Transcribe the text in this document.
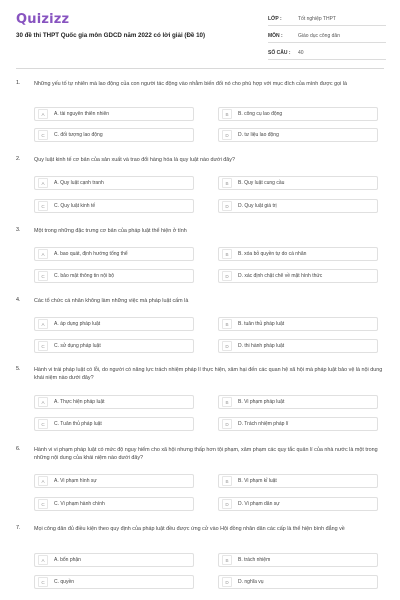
Quizizz
30 đề thi THPT Quốc gia môn GDCD năm 2022 có lời giải (Đề 10)
LỚP :	Tốt nghiệp THPT
MÔN :	Giáo dục công dân
SỐ CÂU :	40
1.	Những yếu tố tự nhiên mà lao động của con người tác động vào nhằm biến đổi nó cho phù hợp với mục đích của mình được gọi là
A	A. tài nguyên thiên nhiên	B	B. công cụ lao động
C	C. đối tượng lao động	D	D. tư liệu lao động
2.	Quy luật kinh tế cơ bản của sản xuất và trao đổi hàng hóa là quy luật nào dưới đây?
A	A. Quy luật cạnh tranh	B	B. Quy luật cung cầu
C	C. Quy luật kinh tế	D	D. Quy luật giá trị
3.	Một trong những đặc trưng cơ bản của pháp luật thể hiện ở tính
A	A. bao quát, định hướng tổng thể	B	B. xóa bỏ quyền tự do cá nhân
C	C. bảo mật thông tin nội bộ	D	D. xác định chặt chẽ về mặt hình thức
4.	Các tổ chức cá nhân không làm những việc mà pháp luật cấm là
A	A. áp dụng pháp luật	B	B. tuân thủ pháp luật
C	C. sử dụng pháp luật	D	D. thi hành pháp luật
5.	Hành vi trái pháp luật có lỗi, do người có năng lực trách nhiệm pháp lí thực hiện, xâm hại đến các quan hệ xã hội mà pháp luật bảo vệ là nội dung khái niệm nào dưới đây?
A	A. Thực hiện pháp luật	B	B. Vi phạm pháp luật
C	C. Tuân thủ pháp luật	D	D. Trách nhiệm pháp lí
6.	Hành vi vi phạm pháp luật có mức độ nguy hiểm cho xã hội nhưng thấp hơn tội phạm, xâm phạm các quy tắc quản lí của nhà nước là một trong những nội dung của khái niệm nào dưới đây?
A	A. Vi phạm hình sự	B	B. Vi phạm kỉ luật
C	C. Vi phạm hành chính	D	D. Vi phạm dân sự
7.	Mọi công dân đủ điều kiện theo quy định của pháp luật đều được ứng cử vào Hội đồng nhân dân các cấp là thể hiện bình đẳng về
A	A. bổn phận	B	B. trách nhiệm
C	C. quyền	D	D. nghĩa vụ
